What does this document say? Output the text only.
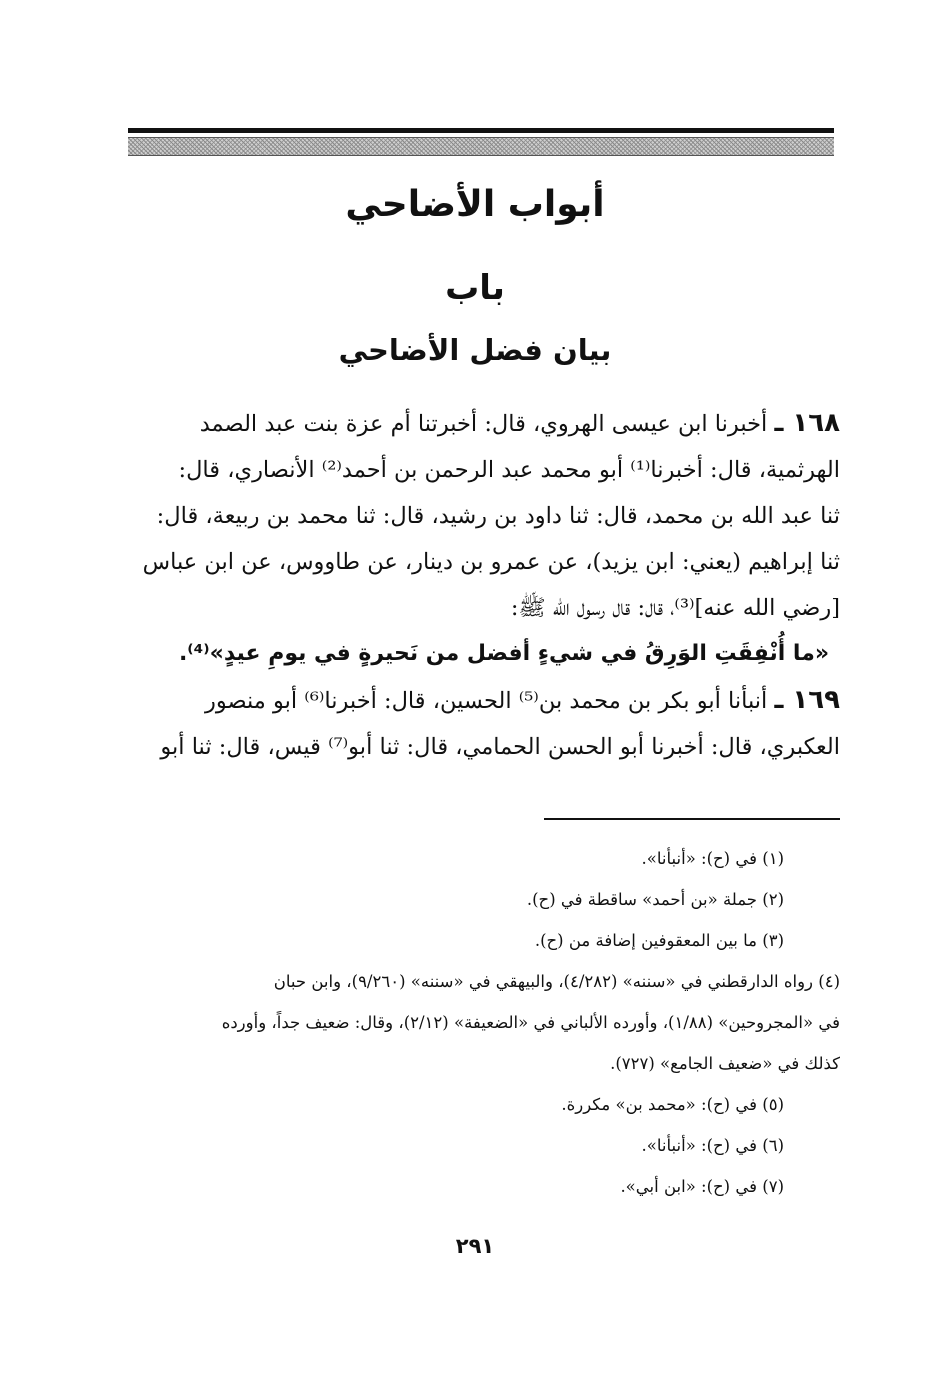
أبواب الأضاحي
باب
بيان فضل الأضاحي
١٦٨ ـ أخبرنا ابن عيسى الهروي، قال: أخبرتنا أم عزة بنت عبد الصمد
الهرثمية، قال: أخبرنا⁽¹⁾ أبو محمد عبد الرحمن بن أحمد⁽²⁾ الأنصاري، قال:
ثنا عبد الله بن محمد، قال: ثنا داود بن رشيد، قال: ثنا محمد بن ربيعة، قال:
ثنا إبراهيم (يعني: ابن يزيد)، عن عمرو بن دينار، عن طاووس، عن ابن عباس
[رضي الله عنه]⁽³⁾، قال: قال رسول الله ﷺ:
«ما أُنْفِقَتِ الوَرِقُ في شيءٍ أفضل من نَحيرةٍ في يومِ عيدٍ»⁽⁴⁾.
١٦٩ ـ أنبأنا أبو بكر بن محمد بن⁽⁵⁾ الحسين، قال: أخبرنا⁽⁶⁾ أبو منصور
العكبري، قال: أخبرنا أبو الحسن الحمامي، قال: ثنا أبو⁽⁷⁾ قيس، قال: ثنا أبو
(١) في (ح): «أنبأنا».
(٢) جملة «بن أحمد» ساقطة في (ح).
(٣) ما بين المعقوفين إضافة من (ح).
(٤) رواه الدارقطني في «سننه» (٤/٢٨٢)، والبيهقي في «سننه» (٩/٢٦٠)، وابن حبان
في «المجروحين» (١/٨٨)، وأورده الألباني في «الضعيفة» (٢/١٢)، وقال: ضعيف جداً، وأورده
كذلك في «ضعيف الجامع» (٧٢٧).
(٥) في (ح): «محمد بن» مكررة.
(٦) في (ح): «أنبأنا».
(٧) في (ح): «ابن أبي».
٢٩١
